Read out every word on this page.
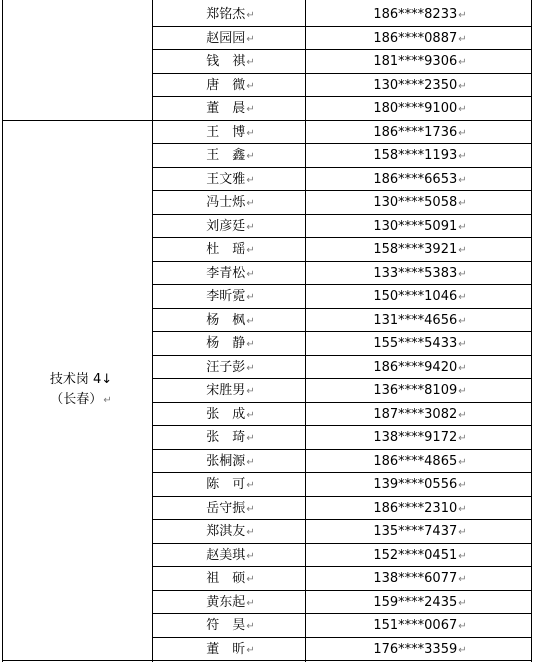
技术岗 4↓
（长春）↵
郑铭杰↵	186****8233↵
赵园园↵	186****0887↵
钱　祺↵	181****9306↵
唐　微↵	130****2350↵
董　晨↵	180****9100↵
王　博↵	186****1736↵
王　鑫↵	158****1193↵
王文雅↵	186****6653↵
冯士烁↵	130****5058↵
刘彦廷↵	130****5091↵
杜　瑶↵	158****3921↵
李青松↵	133****5383↵
李昕霓↵	150****1046↵
杨　枫↵	131****4656↵
杨　静↵	155****5433↵
汪子彭↵	186****9420↵
宋胜男↵	136****8109↵
张　成↵	187****3082↵
张　琦↵	138****9172↵
张桐源↵	186****4865↵
陈　可↵	139****0556↵
岳守振↵	186****2310↵
郑淇友↵	135****7437↵
赵美琪↵	152****0451↵
祖　硕↵	138****6077↵
黄东起↵	159****2435↵
符　昊↵	151****0067↵
董　昕↵	176****3359↵
